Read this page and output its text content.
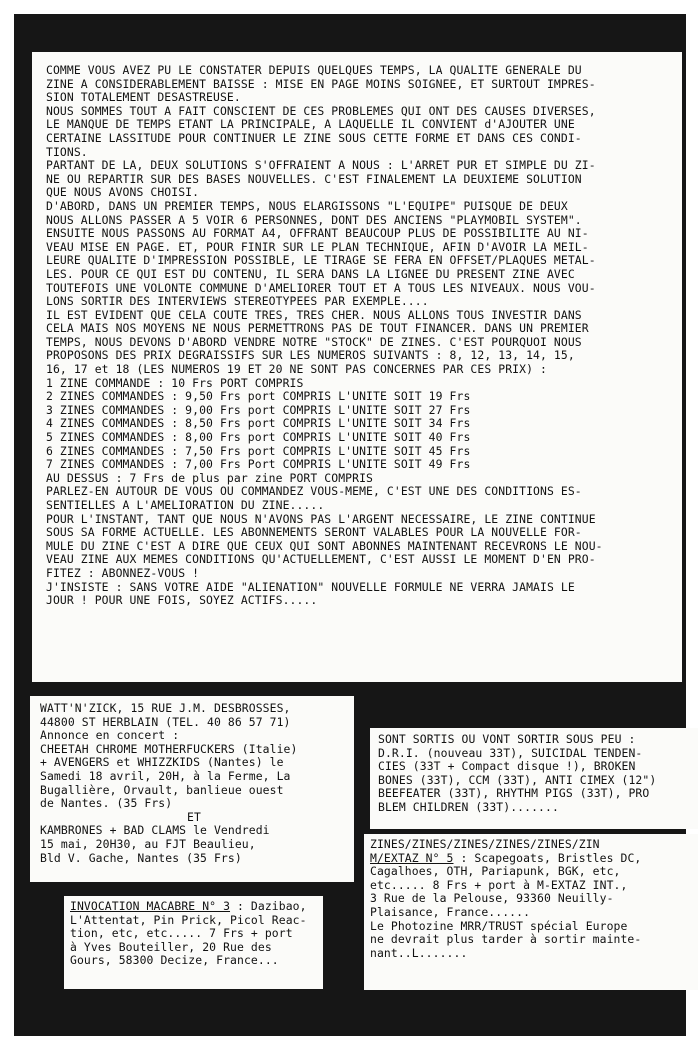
COMME VOUS AVEZ PU LE CONSTATER DEPUIS QUELQUES TEMPS, LA QUALITE GENERALE DU
ZINE A CONSIDERABLEMENT BAISSE : MISE EN PAGE MOINS SOIGNEE, ET SURTOUT IMPRES-
SION TOTALEMENT DESASTREUSE.
NOUS SOMMES TOUT A FAIT CONSCIENT DE CES PROBLEMES QUI ONT DES CAUSES DIVERSES,
LE MANQUE DE TEMPS ETANT LA PRINCIPALE, A LAQUELLE IL CONVIENT d'AJOUTER UNE
CERTAINE LASSITUDE POUR CONTINUER LE ZINE SOUS CETTE FORME ET DANS CES CONDI-
TIONS.
PARTANT DE LA, DEUX SOLUTIONS S'OFFRAIENT A NOUS : L'ARRET PUR ET SIMPLE DU ZI-
NE OU REPARTIR SUR DES BASES NOUVELLES. C'EST FINALEMENT LA DEUXIEME SOLUTION
QUE NOUS AVONS CHOISI.
D'ABORD, DANS UN PREMIER TEMPS, NOUS ELARGISSONS "L'EQUIPE" PUISQUE DE DEUX
NOUS ALLONS PASSER A 5 VOIR 6 PERSONNES, DONT DES ANCIENS "PLAYMOBIL SYSTEM".
ENSUITE NOUS PASSONS AU FORMAT A4, OFFRANT BEAUCOUP PLUS DE POSSIBILITE AU NI-
VEAU MISE EN PAGE. ET, POUR FINIR SUR LE PLAN TECHNIQUE, AFIN D'AVOIR LA MEIL-
LEURE QUALITE D'IMPRESSION POSSIBLE, LE TIRAGE SE FERA EN OFFSET/PLAQUES METAL-
LES. POUR CE QUI EST DU CONTENU, IL SERA DANS LA LIGNEE DU PRESENT ZINE AVEC
TOUTEFOIS UNE VOLONTE COMMUNE D'AMELIORER TOUT ET A TOUS LES NIVEAUX. NOUS VOU-
LONS SORTIR DES INTERVIEWS STEREOTYPEES PAR EXEMPLE....
IL EST EVIDENT QUE CELA COUTE TRES, TRES CHER. NOUS ALLONS TOUS INVESTIR DANS
CELA MAIS NOS MOYENS NE NOUS PERMETTRONS PAS DE TOUT FINANCER. DANS UN PREMIER
TEMPS, NOUS DEVONS D'ABORD VENDRE NOTRE "STOCK" DE ZINES. C'EST POURQUOI NOUS
PROPOSONS DES PRIX DEGRAISSIFS SUR LES NUMEROS SUIVANTS : 8, 12, 13, 14, 15,
16, 17 et 18 (LES NUMEROS 19 ET 20 NE SONT PAS CONCERNES PAR CES PRIX) :
1 ZINE COMMANDE : 10 Frs PORT COMPRIS
2 ZINES COMMANDES : 9,50 Frs port COMPRIS L'UNITE SOIT 19 Frs
3 ZINES COMMANDES : 9,00 Frs port COMPRIS L'UNITE SOIT 27 Frs
4 ZINES COMMANDES : 8,50 Frs port COMPRIS L'UNITE SOIT 34 Frs
5 ZINES COMMANDES : 8,00 Frs port COMPRIS L'UNITE SOIT 40 Frs
6 ZINES COMMANDES : 7,50 Frs port COMPRIS L'UNITE SOIT 45 Frs
7 ZINES COMMANDES : 7,00 Frs Port COMPRIS L'UNITE SOIT 49 Frs
AU DESSUS : 7 Frs de plus par zine PORT COMPRIS
PARLEZ-EN AUTOUR DE VOUS OU COMMANDEZ VOUS-MEME, C'EST UNE DES CONDITIONS ES-
SENTIELLES A L'AMELIORATION DU ZINE.....
POUR L'INSTANT, TANT QUE NOUS N'AVONS PAS L'ARGENT NECESSAIRE, LE ZINE CONTINUE
SOUS SA FORME ACTUELLE. LES ABONNEMENTS SERONT VALABLES POUR LA NOUVELLE FOR-
MULE DU ZINE C'EST A DIRE QUE CEUX QUI SONT ABONNES MAINTENANT RECEVRONS LE NOU-
VEAU ZINE AUX MEMES CONDITIONS QU'ACTUELLEMENT, C'EST AUSSI LE MOMENT D'EN PRO-
FITEZ : ABONNEZ-VOUS !
J'INSISTE : SANS VOTRE AIDE "ALIENATION" NOUVELLE FORMULE NE VERRA JAMAIS LE
JOUR ! POUR UNE FOIS, SOYEZ ACTIFS.....
WATT'N'ZICK, 15 RUE J.M. DESBROSSES,
44800 ST HERBLAIN (TEL. 40 86 57 71)
Annonce en concert :
CHEETAH CHROME MOTHERFUCKERS (Italie)
+ AVENGERS et WHIZZKIDS (Nantes) le
Samedi 18 avril, 20H, à la Ferme, La
Bugallière, Orvault, banlieue ouest
de Nantes. (35 Frs)
ET
KAMBRONES + BAD CLAMS le Vendredi
15 mai, 20H30, au FJT Beaulieu,
Bld V. Gache, Nantes (35 Frs)
SONT SORTIS OU VONT SORTIR SOUS PEU :
D.R.I. (nouveau 33T), SUICIDAL TENDEN-
CIES (33T + Compact disque !), BROKEN
BONES (33T), CCM (33T), ANTI CIMEX (12")
BEEFEATER (33T), RHYTHM PIGS (33T), PRO
BLEM CHILDREN (33T).......
ZINES/ZINES/ZINES/ZINES/ZINES/ZIN
M/EXTAZ N° 5 : Scapegoats, Bristles DC,
Cagalhoes, OTH, Pariapunk, BGK, etc,
etc..... 8 Frs + port à M-EXTAZ INT.,
3 Rue de la Pelouse, 93360 Neuilly-
Plaisance, France......
Le Photozine MRR/TRUST spécial Europe
ne devrait plus tarder à sortir mainte-
nant..L.......
INVOCATION MACABRE N° 3 : Dazibao,
L'Attentat, Pin Prick, Picol Reac-
tion, etc, etc..... 7 Frs + port
à Yves Bouteiller, 20 Rue des
Gours, 58300 Decize, France...
